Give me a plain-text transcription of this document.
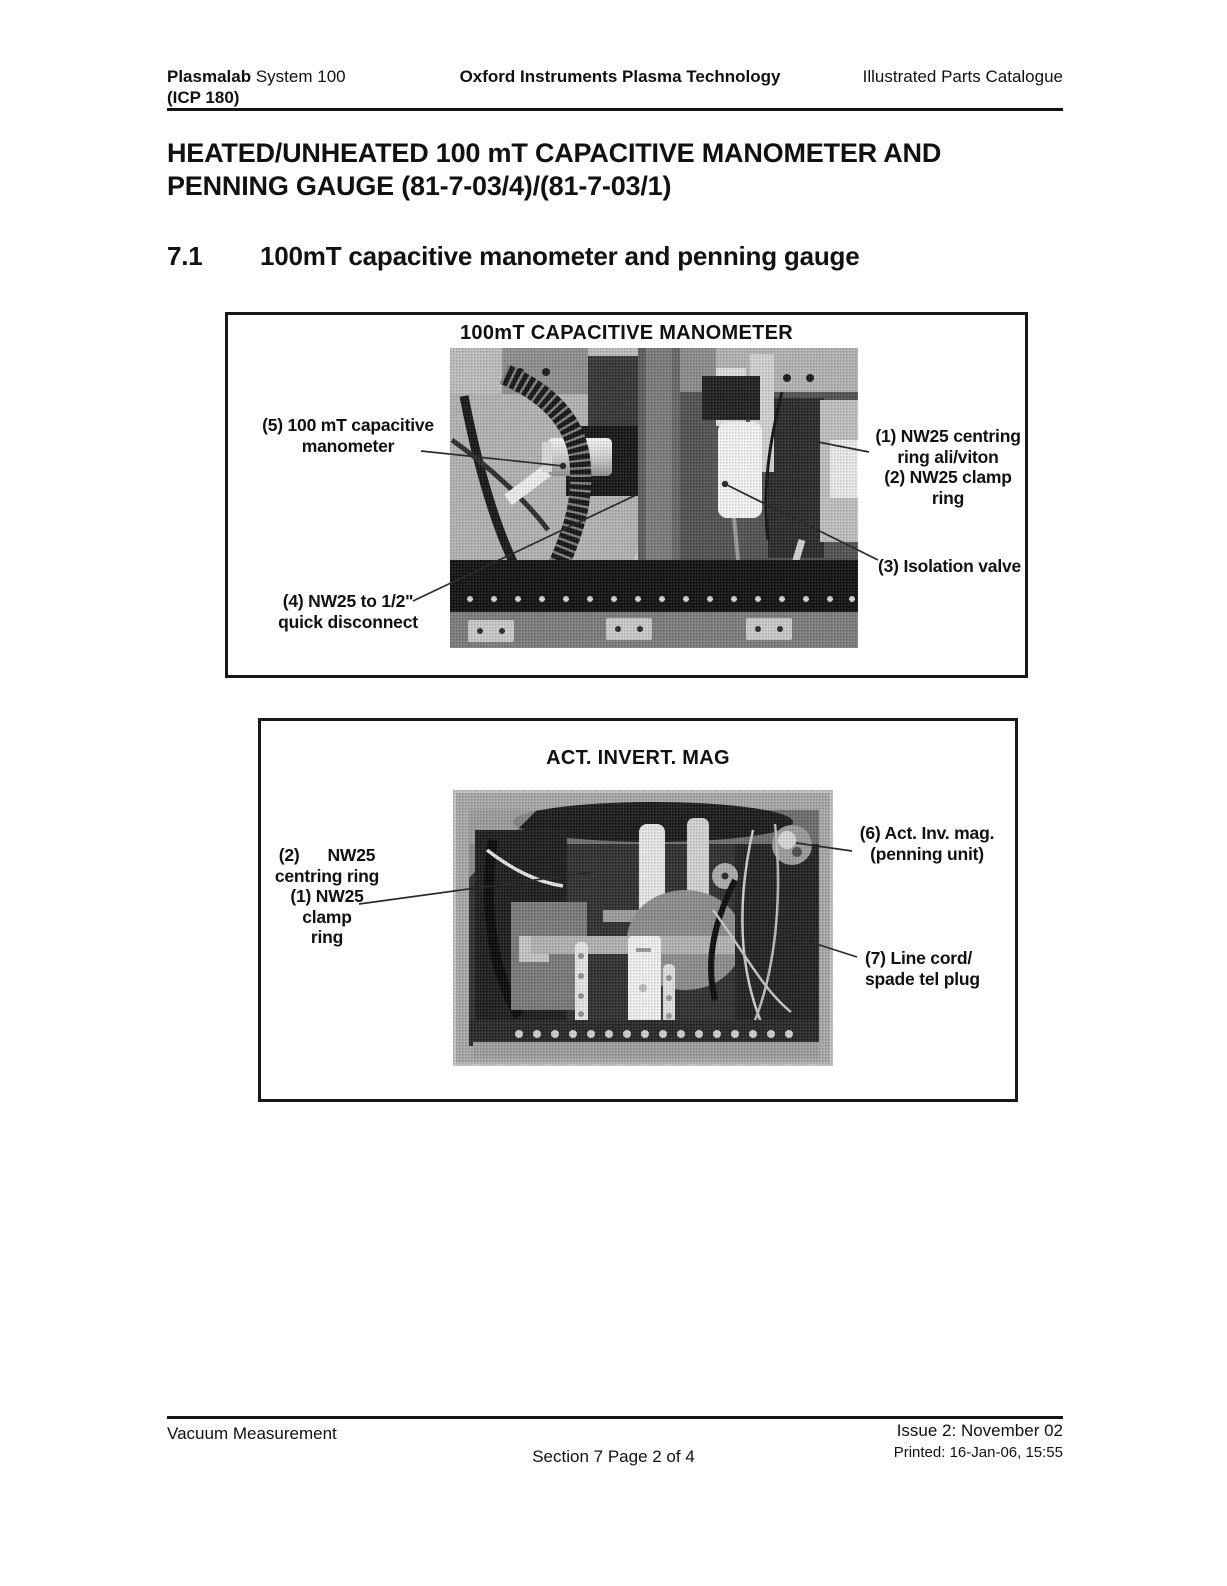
Plasmalab System 100
(ICP 180)
Oxford Instruments Plasma Technology	Illustrated Parts Catalogue
HEATED/UNHEATED 100 mT CAPACITIVE MANOMETER AND
PENNING GAUGE (81-7-03/4)/(81-7-03/1)
7.1 100mT capacitive manometer and penning gauge
100mT CAPACITIVE MANOMETER
(5) 100 mT capacitive
manometer	(1) NW25 centring
ring ali/viton
(2) NW25 clamp
ring
(3) Isolation valve
(4) NW25 to 1/2"
quick disconnect
ACT. INVERT. MAG
(2)      NW25
centring ring
(1) NW25 clamp
ring
(6) Act. Inv. mag.
(penning unit)
(7) Line cord/
spade tel plug
Vacuum Measurement	Issue 2: November 02
Printed: 16-Jan-06, 15:55
Section 7 Page 2 of 4
